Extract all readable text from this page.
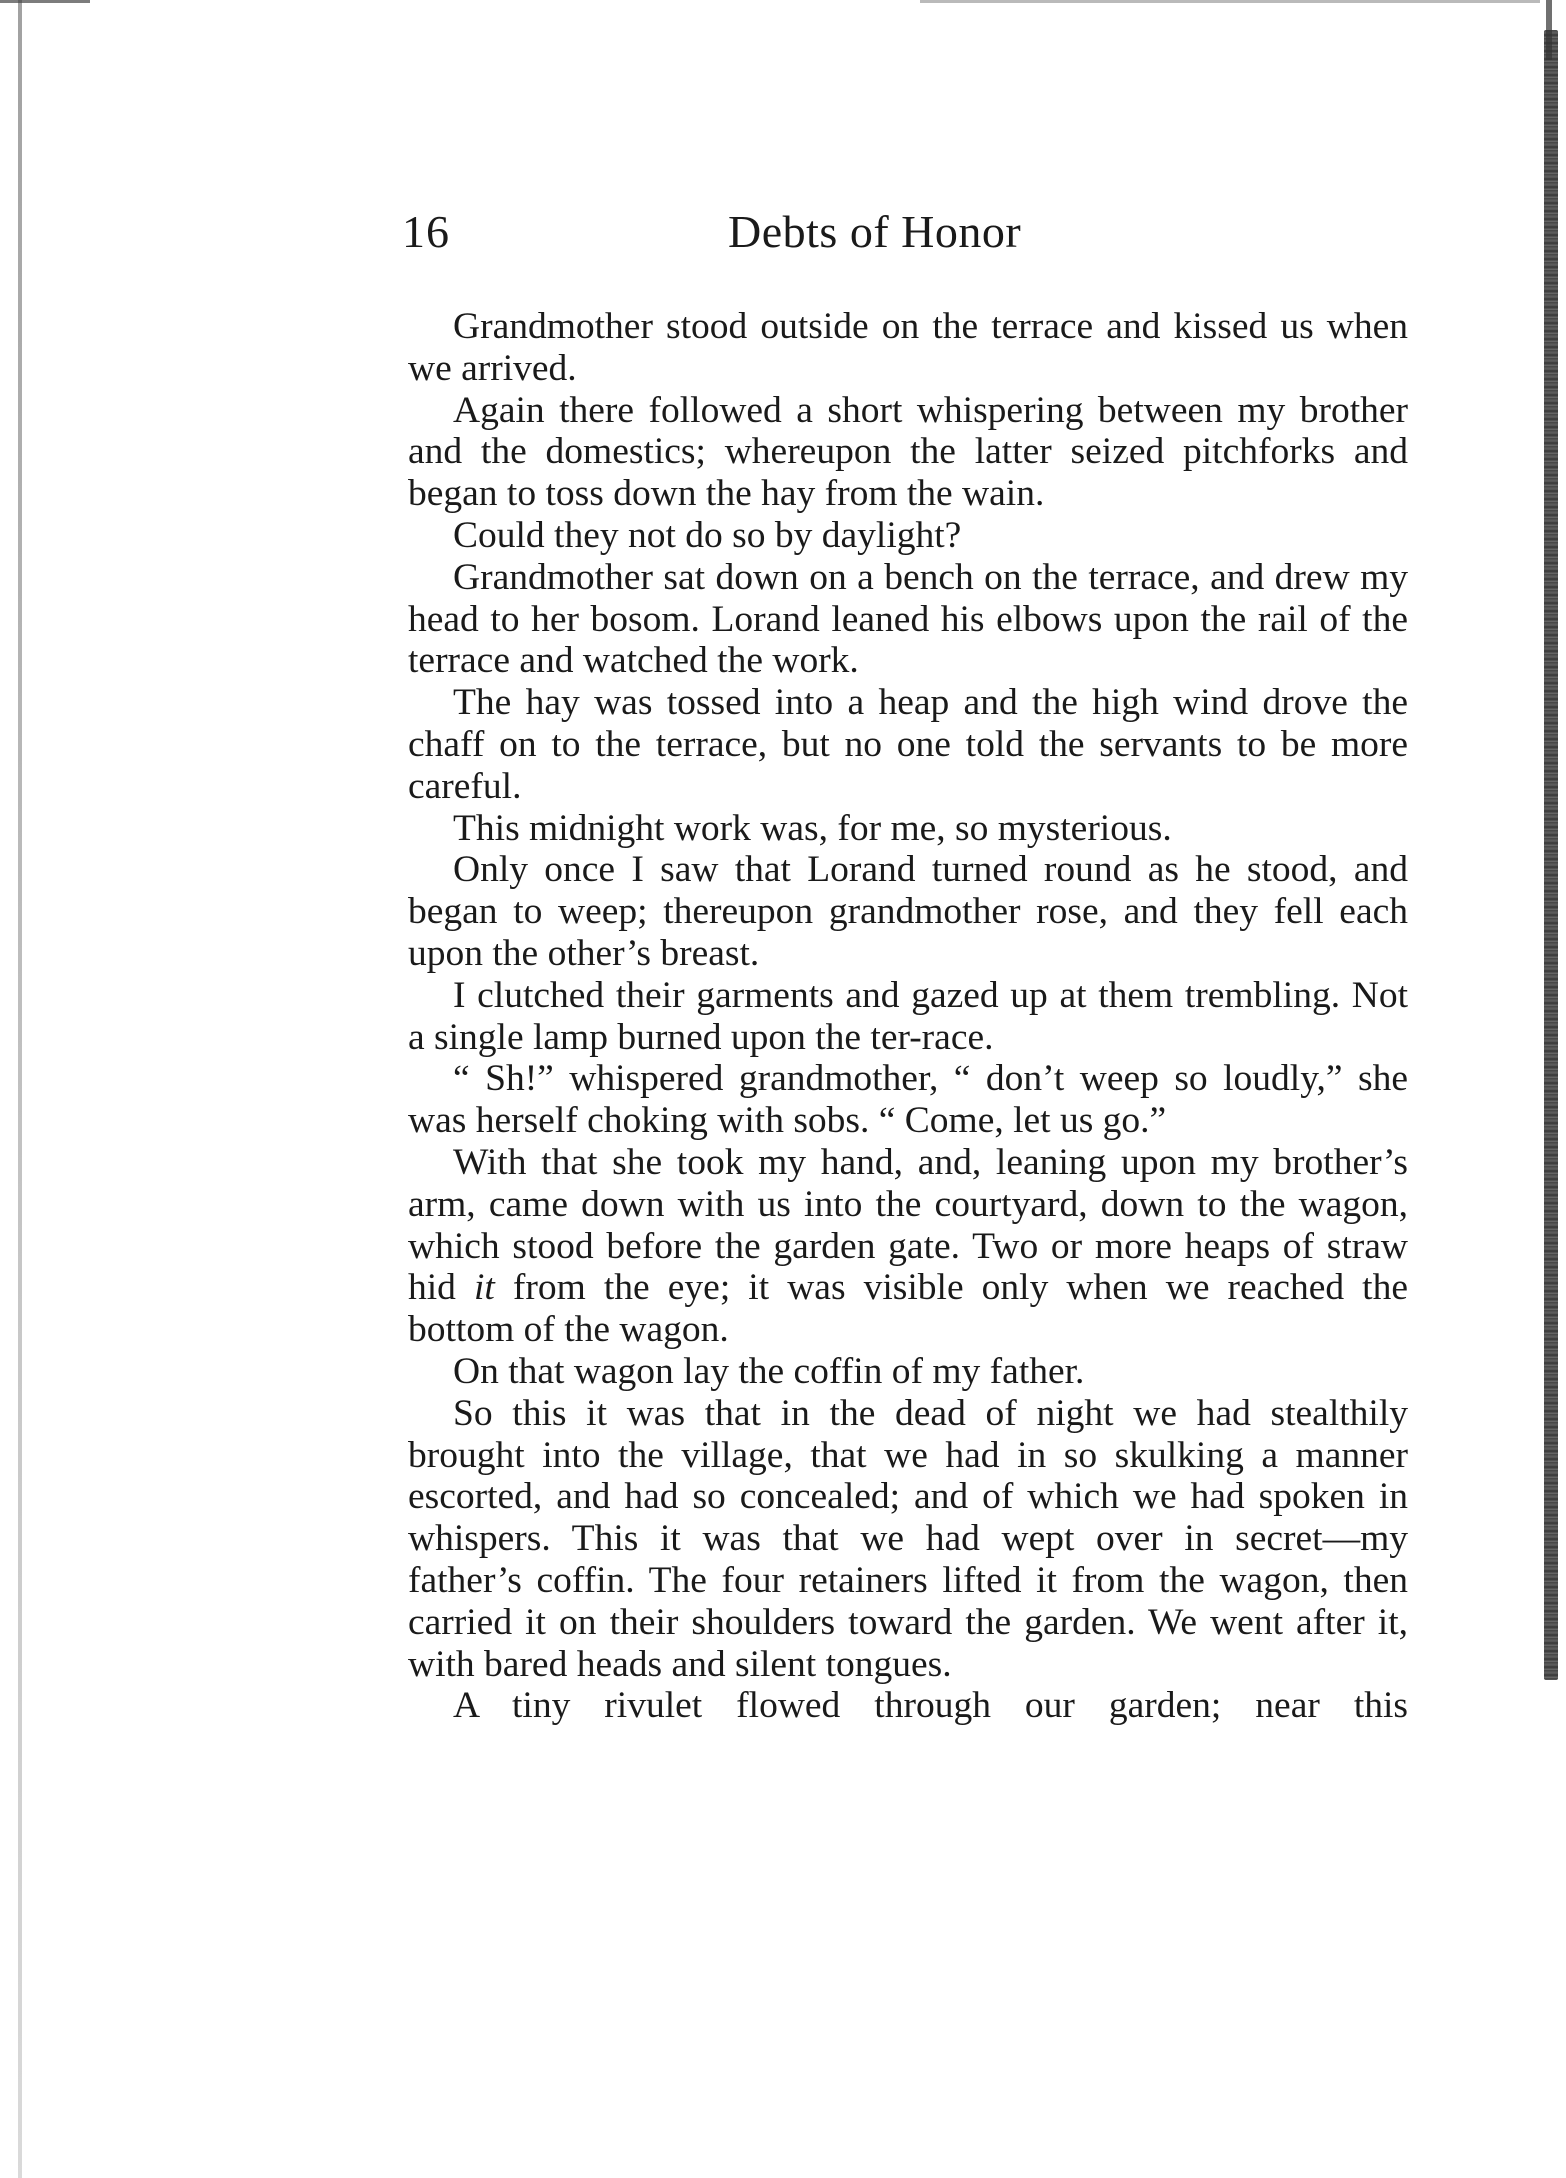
16	Debts of Honor

Grandmother stood outside on the terrace and kissed us when we arrived.

Again there followed a short whispering between my brother and the domestics; whereupon the latter seized pitchforks and began to toss down the hay from the wain.

Could they not do so by daylight?

Grandmother sat down on a bench on the terrace, and drew my head to her bosom. Lorand leaned his elbows upon the rail of the terrace and watched the work.

The hay was tossed into a heap and the high wind drove the chaff on to the terrace, but no one told the servants to be more careful.

This midnight work was, for me, so mysterious.

Only once I saw that Lorand turned round as he stood, and began to weep; thereupon grandmother rose, and they fell each upon the other’s breast.

I clutched their garments and gazed up at them trembling. Not a single lamp burned upon the ter-race.

“ Sh!” whispered grandmother, “ don’t weep so loudly,” she was herself choking with sobs. “ Come, let us go.”

With that she took my hand, and, leaning upon my brother’s arm, came down with us into the courtyard, down to the wagon, which stood before the garden gate. Two or more heaps of straw hid it from the eye; it was visible only when we reached the bottom of the wagon.

On that wagon lay the coffin of my father.

So this it was that in the dead of night we had stealthily brought into the village, that we had in so skulking a manner escorted, and had so concealed; and of which we had spoken in whispers. This it was that we had wept over in secret—my father’s coffin. The four retainers lifted it from the wagon, then carried it on their shoulders toward the garden. We went after it, with bared heads and silent tongues.

A tiny rivulet flowed through our garden; near this
